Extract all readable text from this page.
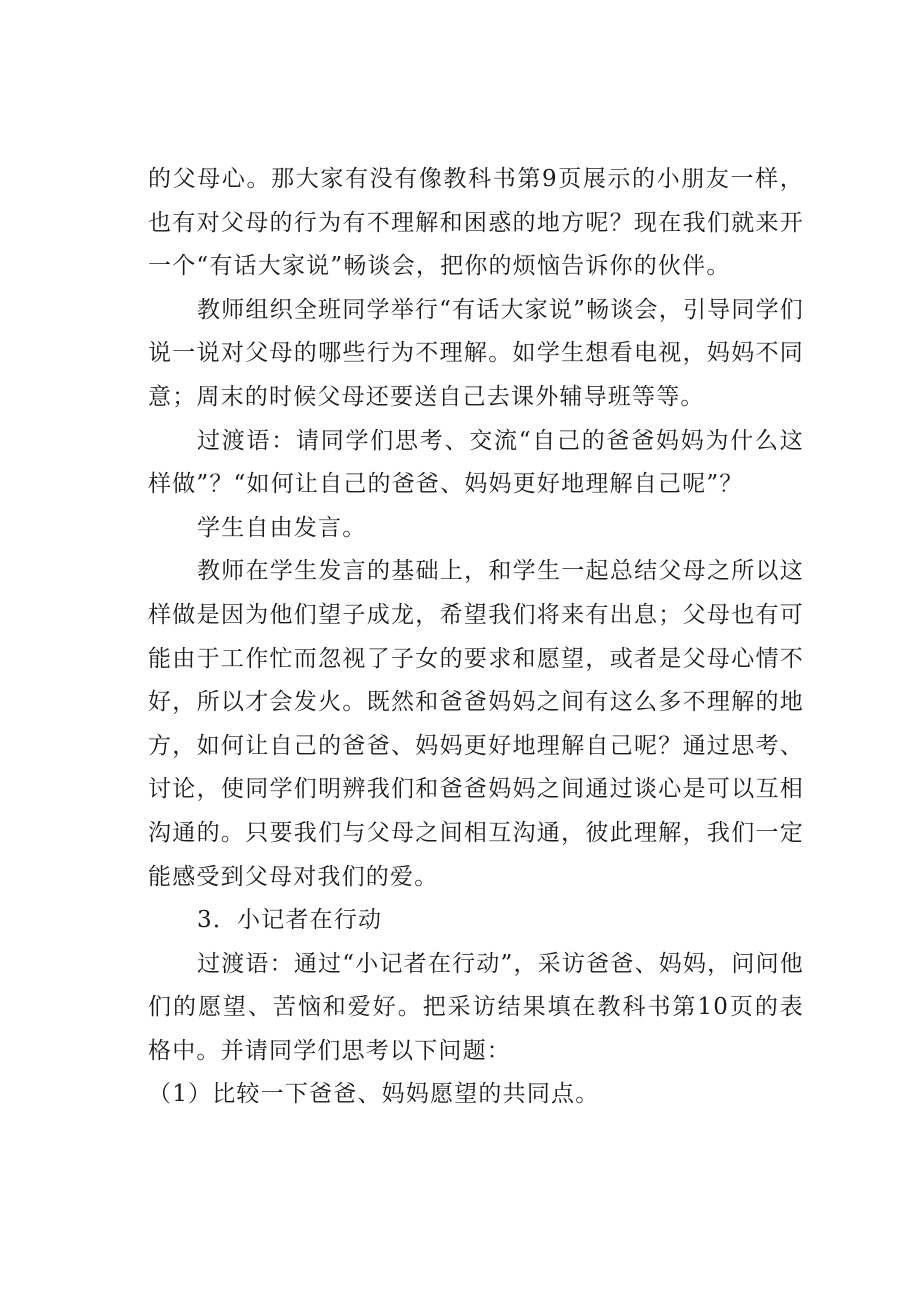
的父母心。那大家有没有像教科书第9页展示的小朋友一样，也有对父母的行为有不理解和困惑的地方呢？现在我们就来开一个“有话大家说”畅谈会，把你的烦恼告诉你的伙伴。

教师组织全班同学举行“有话大家说”畅谈会，引导同学们说一说对父母的哪些行为不理解。如学生想看电视，妈妈不同意；周末的时候父母还要送自己去课外辅导班等等。

过渡语：请同学们思考、交流“自己的爸爸妈妈为什么这样做”？“如何让自己的爸爸、妈妈更好地理解自己呢”？

学生自由发言。

教师在学生发言的基础上，和学生一起总结父母之所以这样做是因为他们望子成龙，希望我们将来有出息；父母也有可能由于工作忙而忽视了子女的要求和愿望，或者是父母心情不好，所以才会发火。既然和爸爸妈妈之间有这么多不理解的地方，如何让自己的爸爸、妈妈更好地理解自己呢？通过思考、讨论，使同学们明辨我们和爸爸妈妈之间通过谈心是可以互相沟通的。只要我们与父母之间相互沟通，彼此理解，我们一定能感受到父母对我们的爱。

3．小记者在行动

过渡语：通过“小记者在行动”，采访爸爸、妈妈，问问他们的愿望、苦恼和爱好。把采访结果填在教科书第10页的表格中。并请同学们思考以下问题：

（1）比较一下爸爸、妈妈愿望的共同点。
